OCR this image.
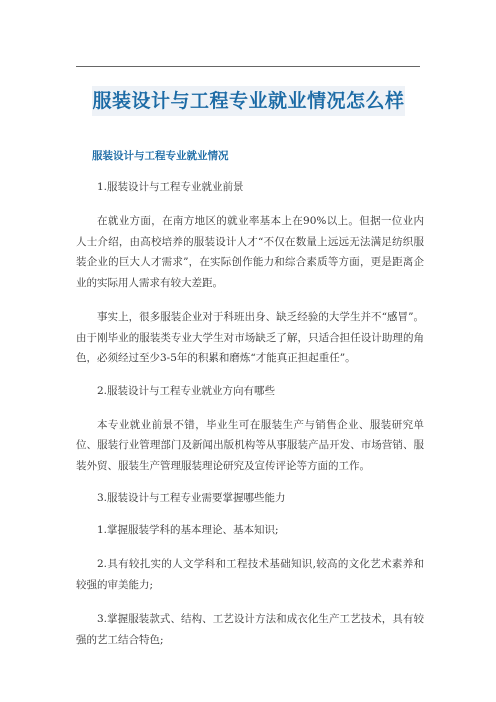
服装设计与工程专业就业情况怎么样
服装设计与工程专业就业情况

1.服装设计与工程专业就业前景

在就业方面，在南方地区的就业率基本上在90%以上。但据一位业内人士介绍，由高校培养的服装设计人才“不仅在数量上远远无法满足纺织服装企业的巨大人才需求”，在实际创作能力和综合素质等方面，更是距离企业的实际用人需求有较大差距。

事实上，很多服装企业对于科班出身、缺乏经验的大学生并不“感冒”。由于刚毕业的服装类专业大学生对市场缺乏了解，只适合担任设计助理的角色，必须经过至少3-5年的积累和磨炼“才能真正担起重任”。

2.服装设计与工程专业就业方向有哪些

本专业就业前景不错，毕业生可在服装生产与销售企业、服装研究单位、服装行业管理部门及新闻出版机构等从事服装产品开发、市场营销、服装外贸、服装生产管理服装理论研究及宣传评论等方面的工作。

3.服装设计与工程专业需要掌握哪些能力

1.掌握服装学科的基本理论、基本知识;

2.具有较扎实的人文学科和工程技术基础知识,较高的文化艺术素养和较强的审美能力;

3.掌握服装款式、结构、工艺设计方法和成衣化生产工艺技术，具有较强的艺工结合特色;
